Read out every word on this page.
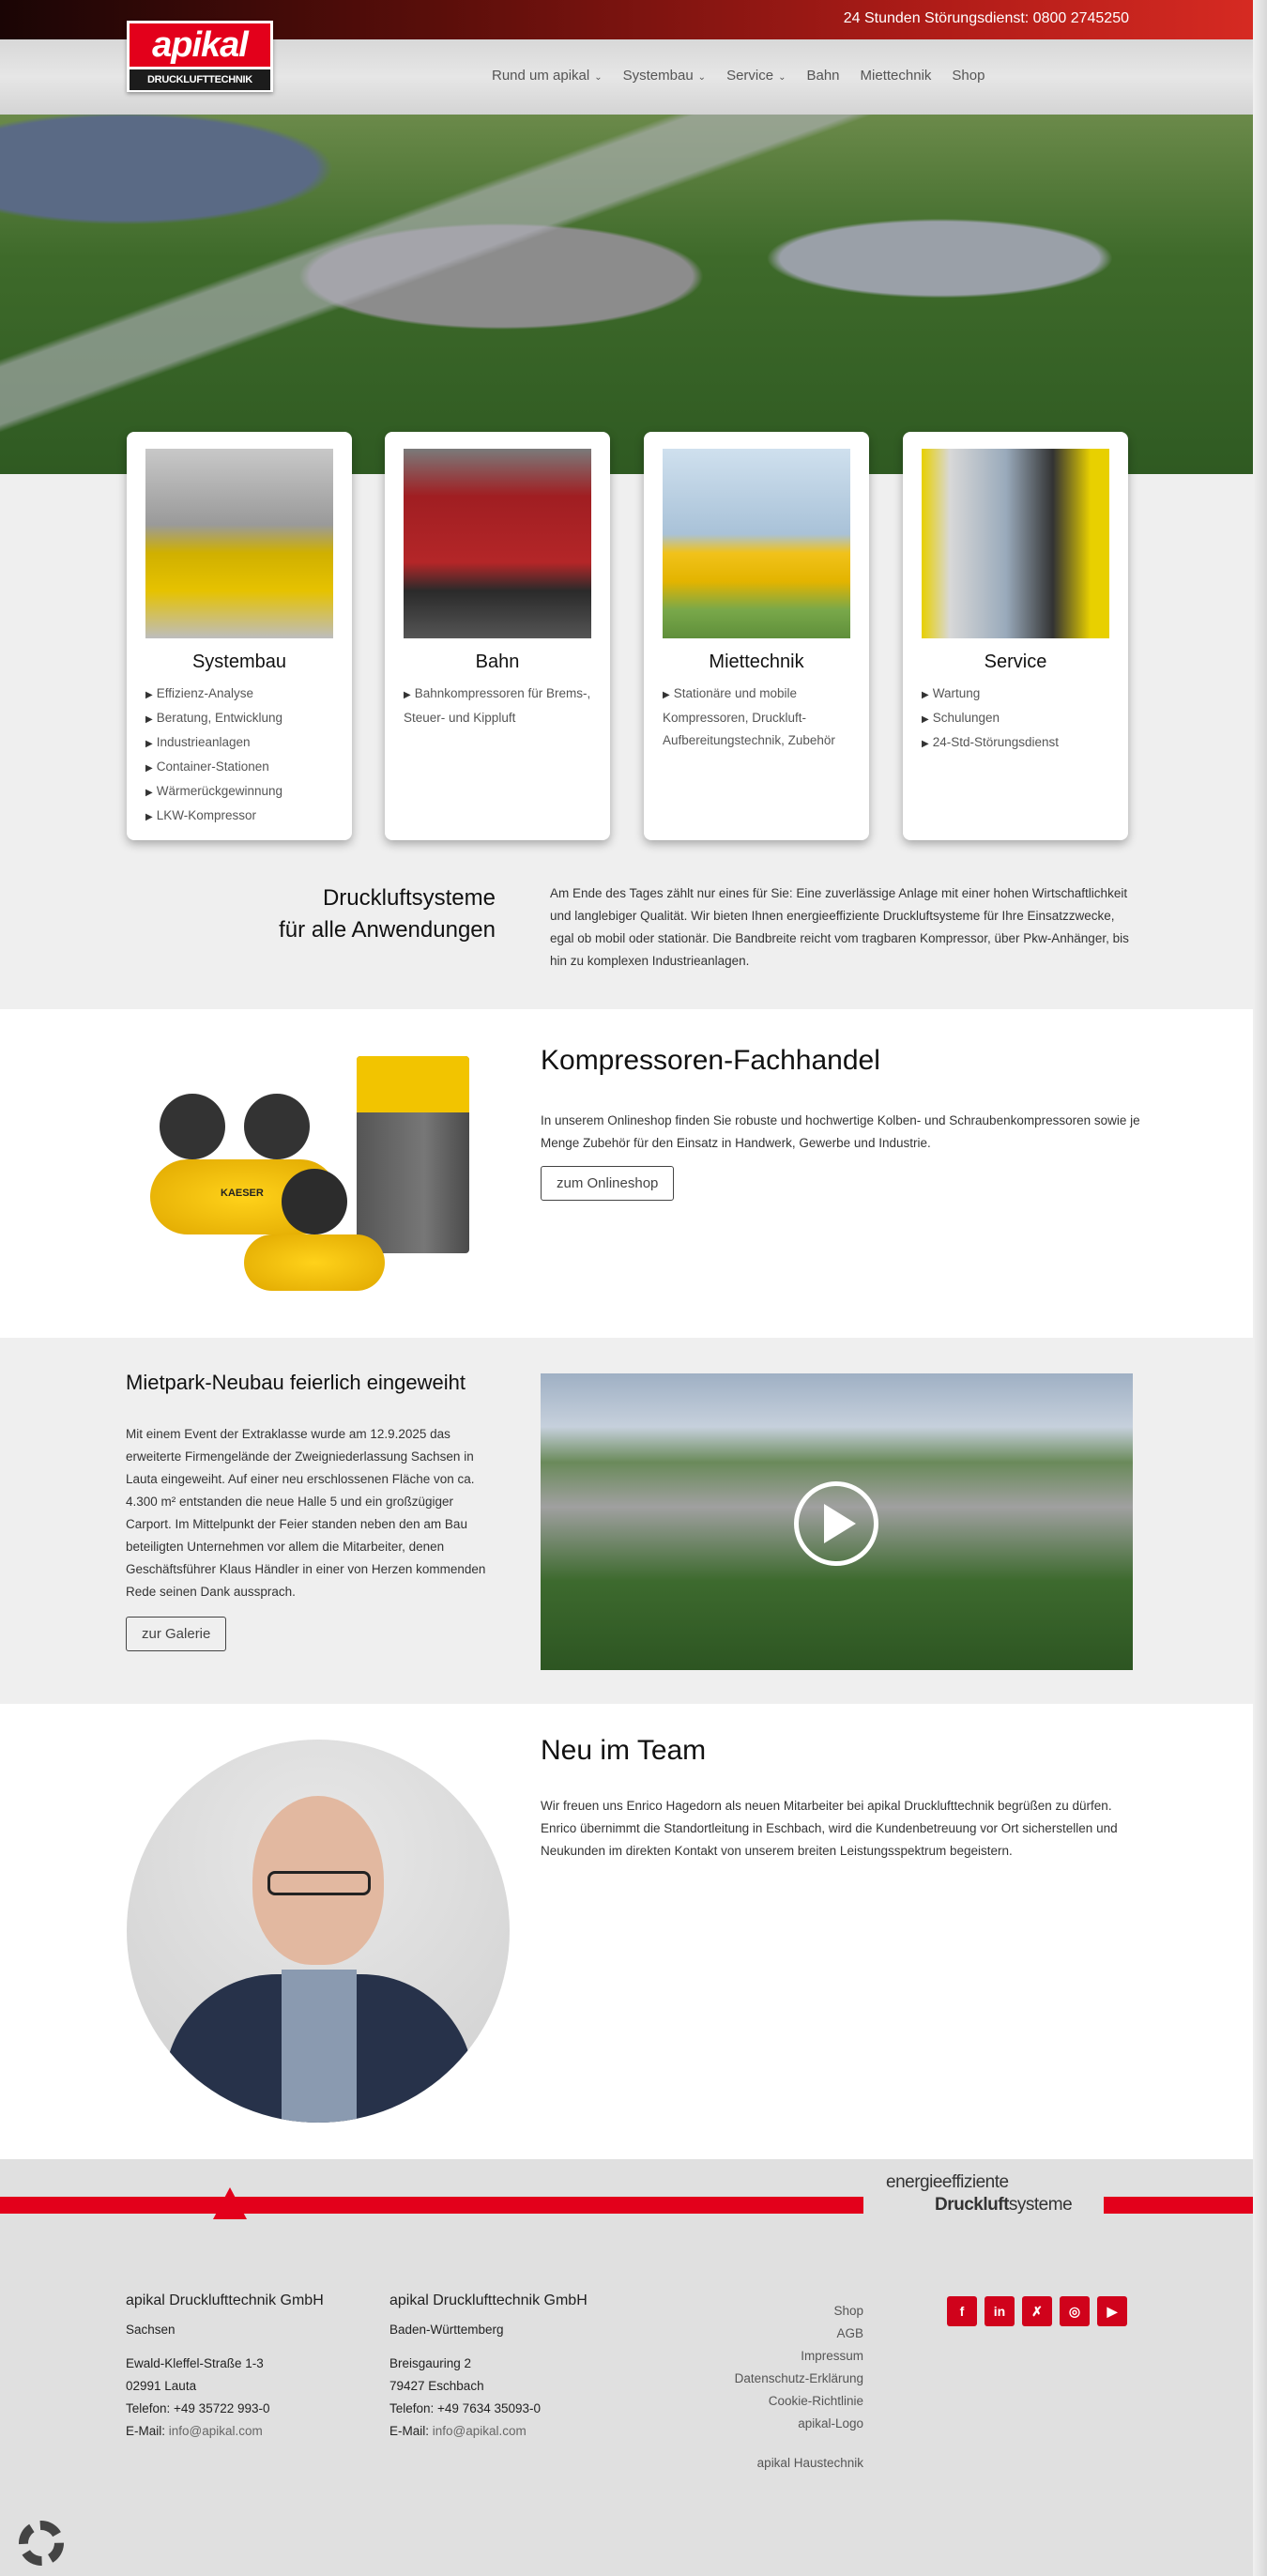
24 Stunden Störungsdienst: 0800 2745250
Rund um apikal ⌄ Systembau ⌄ Service ⌄ Bahn Miettechnik Shop
apikal
DRUCKLUFTTECHNIK
Systembau
▶ Effizienz-Analyse
▶ Beratung, Entwicklung
▶ Industrieanlagen
▶ Container-Stationen
▶ Wärmerückgewinnung
▶ LKW-Kompressor
Bahn
▶ Bahnkompressoren für Brems-, Steuer- und Kippluft
Miettechnik
▶ Stationäre und mobile Kompressoren, Druckluft-Aufbereitungstechnik, Zubehör
Service
▶ Wartung
▶ Schulungen
▶ 24-Std-Störungsdienst
Druckluftsysteme
für alle Anwendungen

Am Ende des Tages zählt nur eines für Sie: Eine zuverlässige Anlage mit einer hohen Wirtschaftlichkeit und langlebiger Qualität. Wir bieten Ihnen energieeffiziente Druckluftsysteme für Ihre Einsatzzwecke, egal ob mobil oder stationär. Die Bandbreite reicht vom tragbaren Kompressor, über Pkw-Anhänger, bis hin zu komplexen Industrieanlagen.

KAESER
Kompressoren-Fachhandel

In unserem Onlineshop finden Sie robuste und hochwertige Kolben- und Schraubenkompressoren sowie je Menge Zubehör für den Einsatz in Handwerk, Gewerbe und Industrie.

zum Onlineshop
Mietpark-Neubau feierlich eingeweiht

Mit einem Event der Extraklasse wurde am 12.9.2025 das erweiterte Firmengelände der Zweigniederlassung Sachsen in Lauta eingeweiht. Auf einer neu erschlossenen Fläche von ca. 4.300 m² entstanden die neue Halle 5 und ein großzügiger Carport. Im Mittelpunkt der Feier standen neben den am Bau beteiligten Unternehmen vor allem die Mitarbeiter, denen Geschäftsführer Klaus Händler in einer von Herzen kommenden Rede seinen Dank aussprach.

zur Galerie
Neu im Team

Wir freuen uns Enrico Hagedorn als neuen Mitarbeiter bei apikal Drucklufttechnik begrüßen zu dürfen. Enrico übernimmt die Standortleitung in Eschbach, wird die Kundenbetreuung vor Ort sicherstellen und Neukunden im direkten Kontakt von unserem breiten Leistungsspektrum begeistern.

energieeffiziente
Druckluftsysteme
apikal Drucklufttechnik GmbH
Sachsen
Ewald-Kleffel-Straße 1-3
02991 Lauta
Telefon: +49 35722 993-0
E-Mail: info@apikal.com
apikal Drucklufttechnik GmbH
Baden-Württemberg
Breisgauring 2
79427 Eschbach
Telefon: +49 7634 35093-0
E-Mail: info@apikal.com
Shop
AGB
Impressum
Datenschutz-Erklärung
Cookie-Richtlinie
apikal-Logo
apikal Haustechnik
f	in	✗	◎	▶
